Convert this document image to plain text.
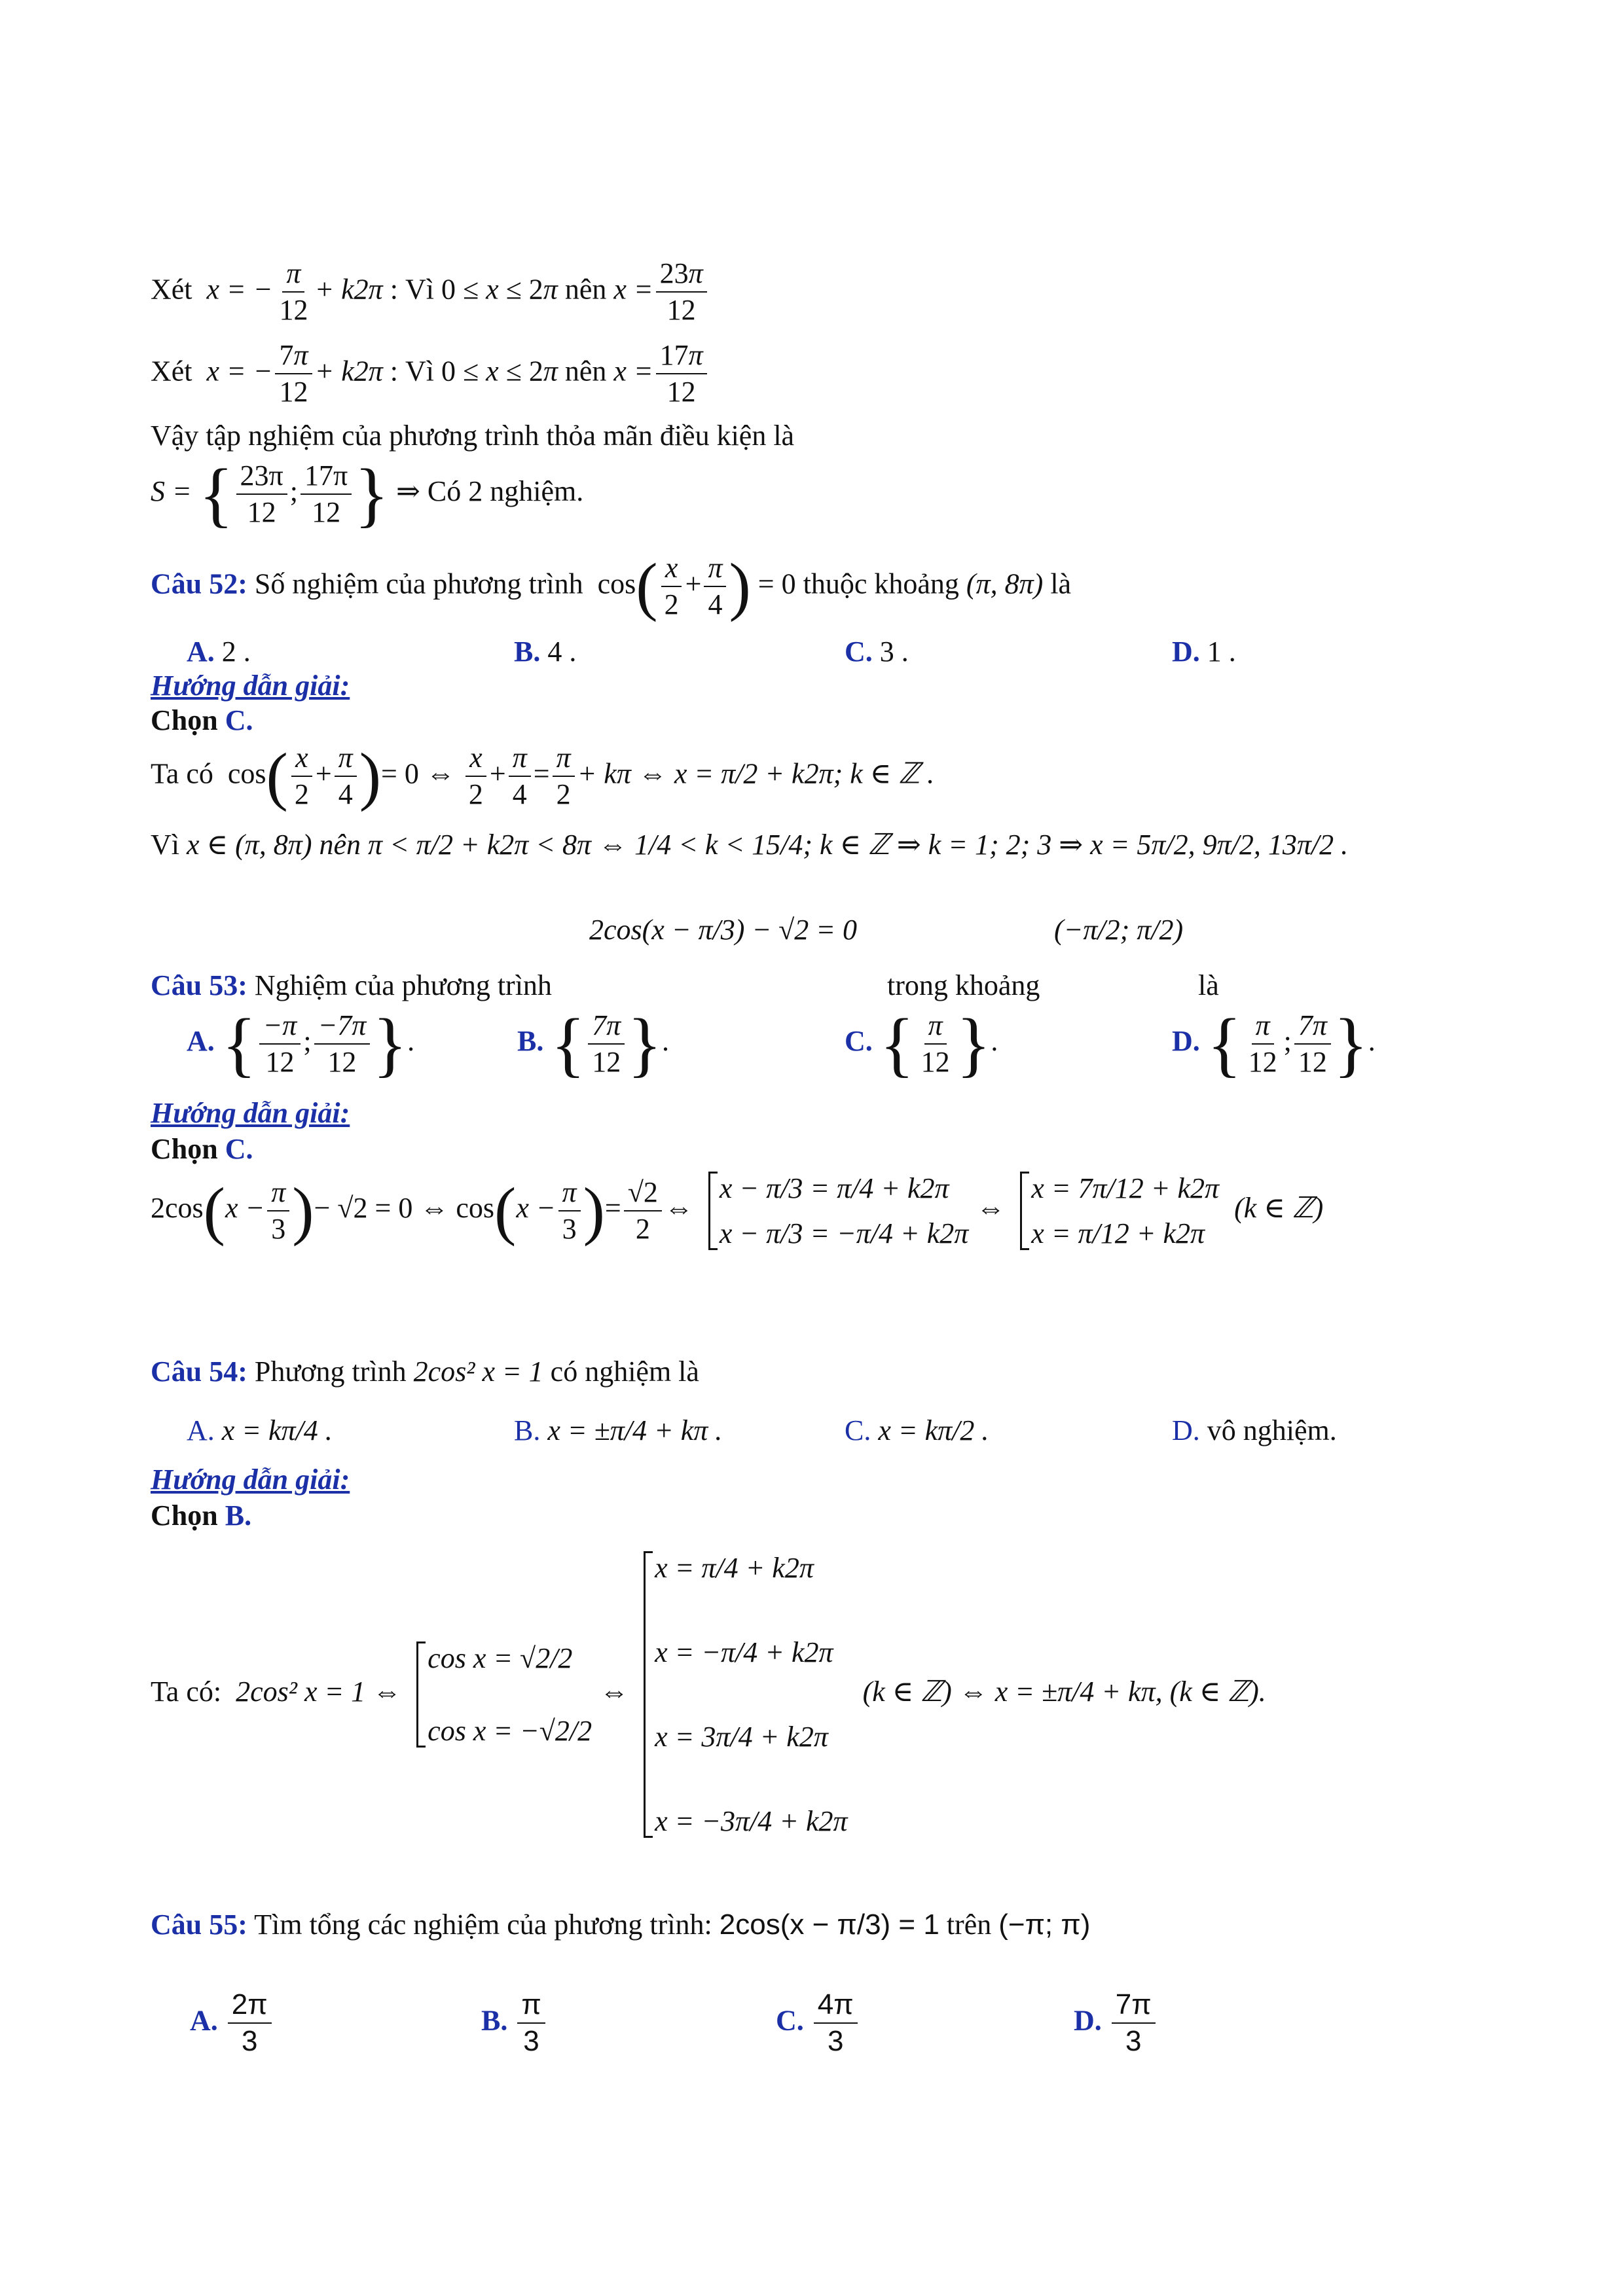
Xét  x = − $\frac{\pi}{12} + k2\pi$ : Vì 0 ≤ x ≤ 2π nên $x = \frac{23\pi}{12}$
Xét  x = − $\frac{7\pi}{12} + k2\pi$ : Vì 0 ≤ x ≤ 2π nên $x = \frac{17\pi}{12}$
Vậy tập nghiệm của phương trình thỏa mãn điều kiện là
S = { $\frac{23\pi}{12}$ ; $\frac{17\pi}{12}$ } ⇒ Có 2 nghiệm.
Câu 52: Số nghiệm của phương trình  $\cos( \frac{x}{2} + \frac{\pi}{4}$ ) = 0 thuộc khoảng (π, 8π) là
A. 2 .	B. 4 .	C. 3 .	D. 1 .
Hướng dẫn giải:
Chọn C.
Ta có  $\cos( \frac{x}{2} + \frac{\pi}{4}$ )= 0 ⇔ $\frac{x}{2} + \frac{\pi}{4} = \frac{\pi}{2} + k\pi$ ⇔ x = π/2 + k2π; k ∈ ℤ .
Vì x ∈ (π, 8π) nên π < π/2 + k2π < 8π ⇔ 1/4 < k < 15/4; k ∈ ℤ ⇒ k = 1; 2; 3 ⇒ x = 5π/2, 9π/2, 13π/2 .
2cos(x − π/3) − √2 = 0	(−π/2; π/2)
Câu 53: Nghiệm của phương trình	trong khoảng	là
A. { $\frac{-\pi}{12}$ ; $\frac{-7\pi}{12}$ }.	B. { $\frac{7\pi}{12}$ }.	C. { $\frac{\pi}{12}$ }.	D. { $\frac{\pi}{12}$ ; $\frac{7\pi}{12}$ }.
Hướng dẫn giải:
Chọn C.
$2\cos(x - \frac{\pi}{3}$ )− √2 = 0 ⇔ $\cos(x - \frac{\pi}{3}$ )= $\frac{√2}{2}$ ⇔
x − π/3 = π/4 + k2π
x − π/3 = −π/4 + k2π
⇔
x = 7π/12 + k2π
x = π/12 + k2π
(k ∈ ℤ)
Câu 54: Phương trình 2cos² x = 1 có nghiệm là
A. x = kπ/4 .	B. x = ±π/4 + kπ .	C. x = kπ/2 .	D. vô nghiệm.
Hướng dẫn giải:
Chọn B.
Ta có:  2cos² x = 1 ⇔
cos x = √2/2
cos x = −√2/2
⇔
x = π/4 + k2π
x = −π/4 + k2π
x = 3π/4 + k2π
x = −3π/4 + k2π
(k ∈ ℤ) ⇔ x = ±π/4 + kπ, (k ∈ ℤ).
Câu 55: Tìm tổng các nghiệm của phương trình: 2cos(x − π/3) = 1 trên (−π; π)
A. $\frac{2\pi}{3}$	B. $\frac{\pi}{3}$	C. $\frac{4\pi}{3}$	D. $\frac{7\pi}{3}$
